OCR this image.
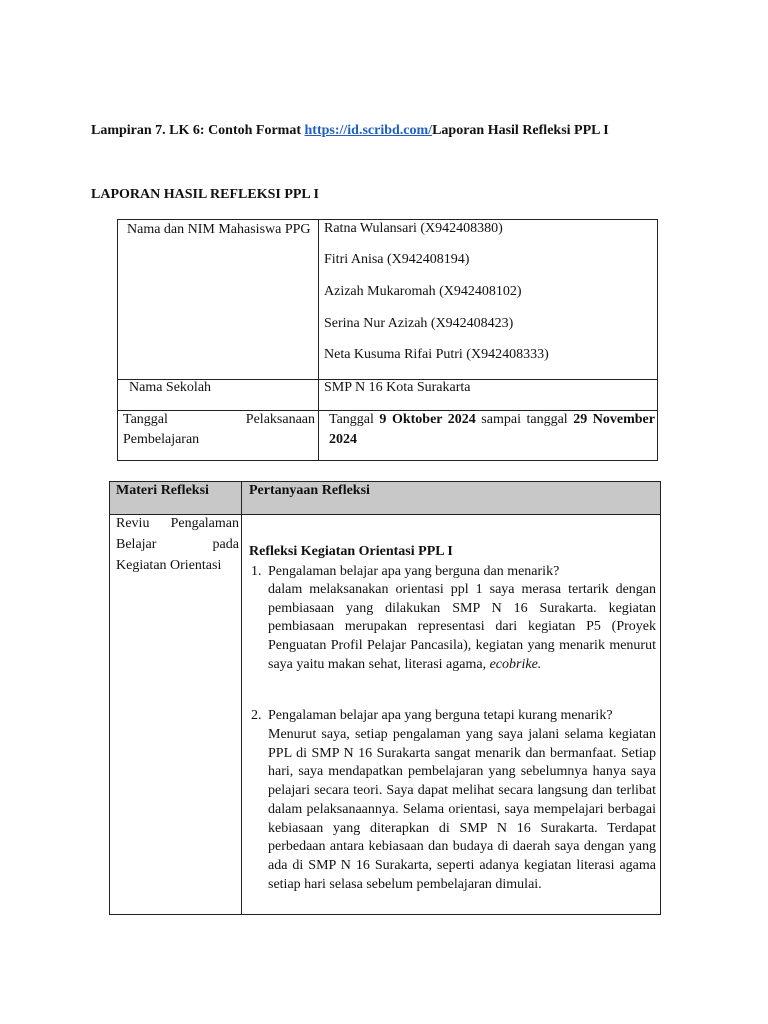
Lampiran 7. LK 6: Contoh Format https://id.scribd.com/Laporan Hasil Refleksi PPL I
LAPORAN HASIL REFLEKSI PPL I
Nama dan NIM Mahasiswa PPG Ratna Wulansari (X942408380)
Fitri Anisa (X942408194)
Azizah Mukaromah (X942408102)
Serina Nur Azizah (X942408423)
Neta Kusuma Rifai Putri (X942408333)
Nama Sekolah	SMP N 16 Kota Surakarta
Tanggal Pelaksanaan Pembelajaran
Tanggal 9 Oktober 2024 sampai tanggal 29 November 2024
Materi Refleksi	Pertanyaan Refleksi
Reviu Pengalaman Belajar pada Kegiatan Orientasi
Refleksi Kegiatan Orientasi PPL I
1. Pengalaman belajar apa yang berguna dan menarik?
dalam melaksanakan orientasi ppl 1 saya merasa tertarik dengan pembiasaan yang dilakukan SMP N 16 Surakarta. kegiatan pembiasaan merupakan representasi dari kegiatan P5 (Proyek Penguatan Profil Pelajar Pancasila), kegiatan yang menarik menurut saya yaitu makan sehat, literasi agama, ecobrike.
2. Pengalaman belajar apa yang berguna tetapi kurang menarik?
Menurut saya, setiap pengalaman yang saya jalani selama kegiatan PPL di SMP N 16 Surakarta sangat menarik dan bermanfaat. Setiap hari, saya mendapatkan pembelajaran yang sebelumnya hanya saya pelajari secara teori. Saya dapat melihat secara langsung dan terlibat dalam pelaksanaannya. Selama orientasi, saya mempelajari berbagai kebiasaan yang diterapkan di SMP N 16 Surakarta. Terdapat perbedaan antara kebiasaan dan budaya di daerah saya dengan yang ada di SMP N 16 Surakarta, seperti adanya kegiatan literasi agama setiap hari selasa sebelum pembelajaran dimulai.
